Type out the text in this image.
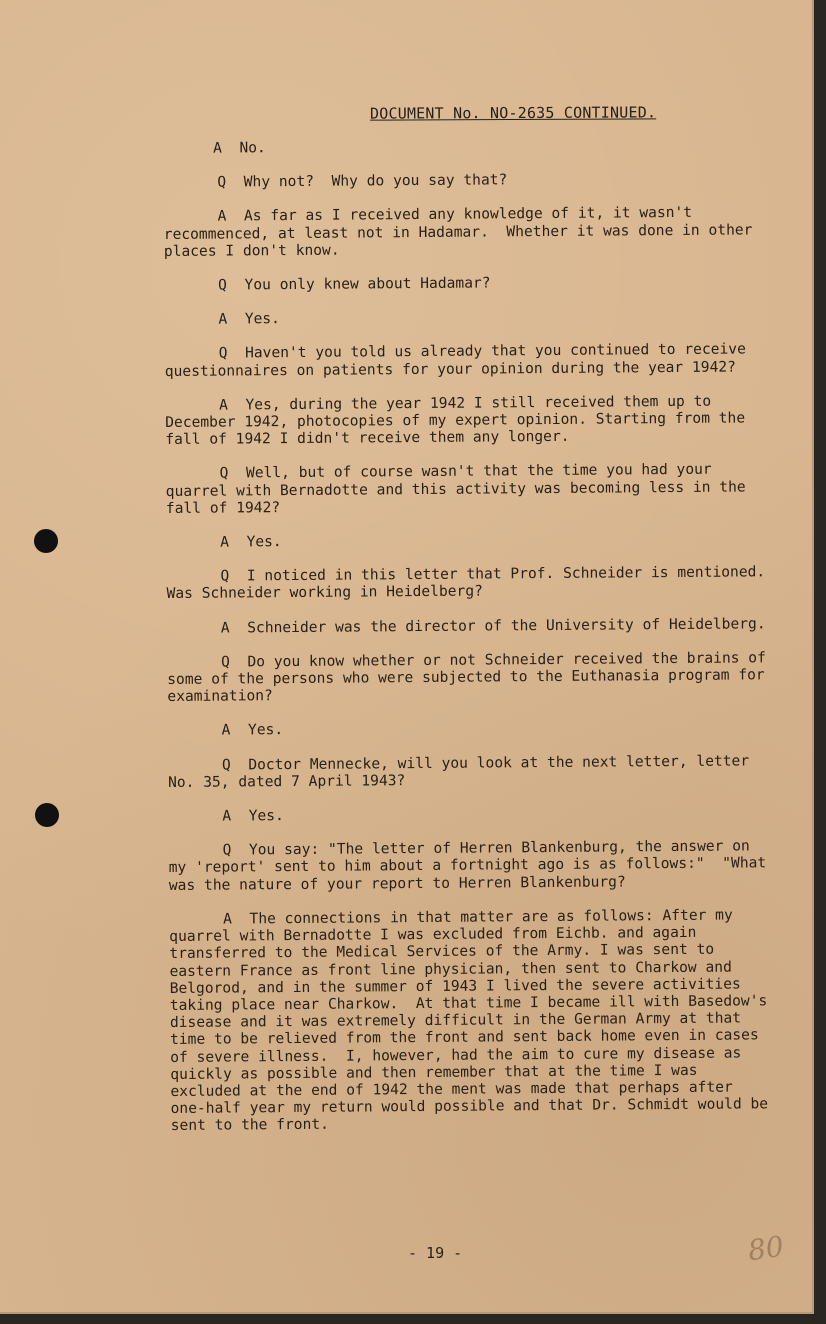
DOCUMENT No. NO-2635 CONTINUED.

A No.

Q Why not?  Why do you say that?

A As far as I received any knowledge of it, it wasn't recommenced, at least not in Hadamar.  Whether it was done in other places I don't know.

Q You only knew about Hadamar?

A Yes.

Q Haven't you told us already that you continued to receive questionnaires on patients for your opinion during the year 1942?

A Yes, during the year 1942 I still received them up to December 1942, photocopies of my expert opinion. Starting from the fall of 1942 I didn't receive them any longer.

Q Well, but of course wasn't that the time you had your quarrel with Bernadotte and this activity was becoming less in the fall of 1942?

A Yes.

Q I noticed in this letter that Prof. Schneider is mentioned.  Was Schneider working in Heidelberg?

A Schneider was the director of the University of Heidelberg.

Q Do you know whether or not Schneider received the brains of some of the persons who were subjected to the Euthanasia program for examination?

A Yes.

Q Doctor Mennecke, will you look at the next letter, letter No. 35, dated 7 April 1943?

A Yes.

Q You say: "The letter of Herren Blankenburg, the answer on my 'report' sent to him about a fortnight ago is as follows:"  "What was the nature of your report to Herren Blankenburg?

A The connections in that matter are as follows: After my quarrel with Bernadotte I was excluded from Eichb. and again transferred to the Medical Services of the Army. I was sent to eastern France as front line physician, then sent to Charkow and Belgorod, and in the summer of 1943 I lived the severe activities taking place near Charkow.  At that time I became ill with Basedow's disease and it was extremely difficult in the German Army at that time to be relieved from the front and sent back home even in cases of severe illness.  I, however, had the aim to cure my disease as quickly as possible and then remember that at the time I was excluded at the end of 1942 the ment was made that perhaps after one-half year my return would possible and that Dr. Schmidt would be sent to the front.

- 19 -	80
